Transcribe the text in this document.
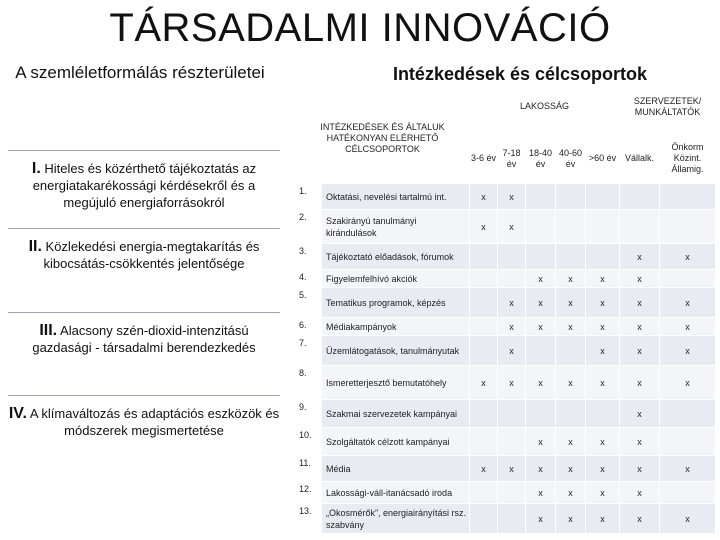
TÁRSADALMI INNOVÁCIÓ
A szemléletformálás részterületei	Intézkedések és célcsoportok
I. Hiteles és közérthető tájékoztatás az energiatakarékossági kérdésekről és a megújuló energiaforrásokról
II. Közlekedési energia-megtakarítás és kibocsátás-csökkentés jelentősége
III. Alacsony szén-dioxid-intenzitású gazdasági - társadalmi berendezkedés
IV. A klímaváltozás és adaptációs eszközök és módszerek megismertetése
INTÉZKEDÉSEK ÉS ÁLTALUK HATÉKONYAN ELÉRHETŐ CÉLCSOPORTOK		LAKOSSÁG					SZERVEZETEK/ MUNKÁLTATÓK	

		3-6 év	7-18 év	18-40 év	40-60 év	>60 év	Vállalk.	Önkorm Közint. Államig.
1.	Oktatási, nevelési tartalmú int.	x	x					
2.	Szakirányú tanulmányi kirándulások	x	x					
3.	Tájékoztató előadások, fórumok						x	x
4.	Figyelemfelhívó akciók			x	x	x	x	
5.	Tematikus programok, képzés		x	x	x	x	x	x
6.	Médiakampányok		x	x	x	x	x	x
7.	Üzemlátogatások, tanulmányutak		x			x	x	x
8.	Ismeretterjesztő bemutatóhely	x	x	x	x	x	x	x
9.	Szakmai szervezetek kampányai						x	
10.	Szolgáltatók célzott kampányai			x	x	x	x	
11.	Média	x	x	x	x	x	x	x
12.	Lakossági-váll-itanácsadó iroda			x	x	x	x	
13.	„Okosmérők”, energiairányítási rsz. szabvány			x	x	x	x	x
